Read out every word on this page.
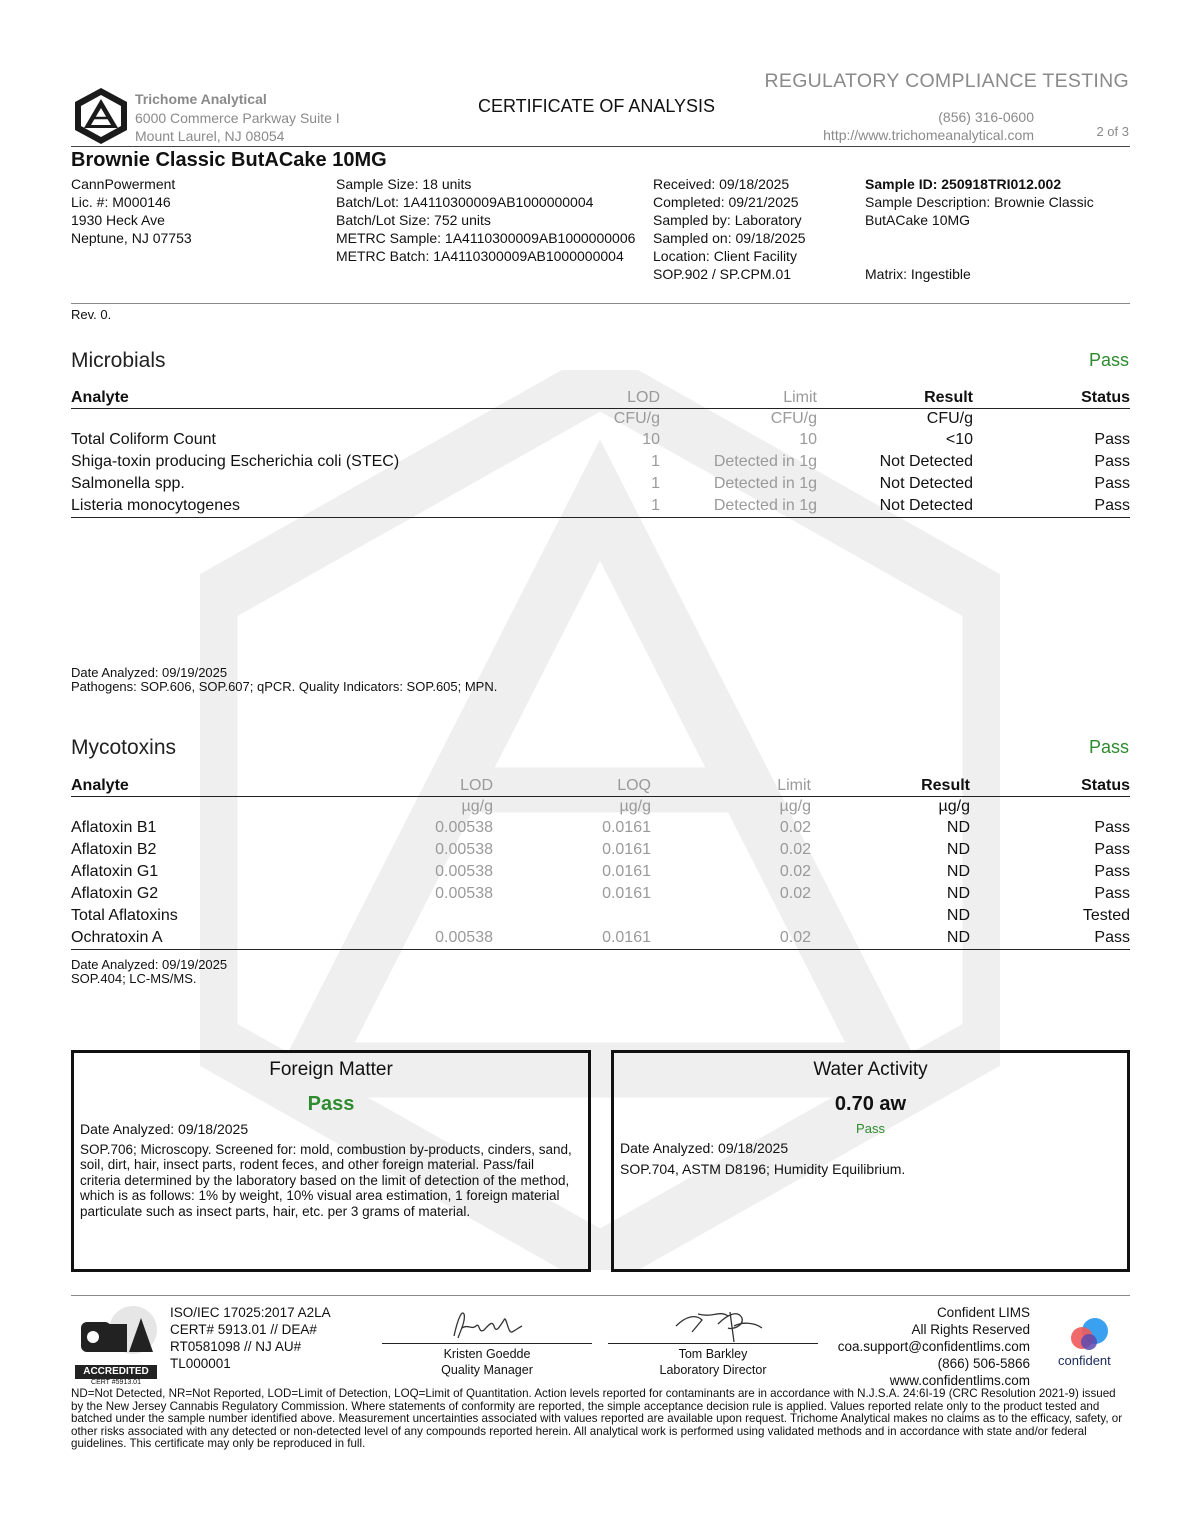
Trichome Analytical
6000 Commerce Parkway Suite I
Mount Laurel, NJ 08054
CERTIFICATE OF ANALYSIS
REGULATORY COMPLIANCE TESTING
(856) 316-0600
http://www.trichomeanalytical.com	2 of 3
Brownie Classic ButACake 10MG
CannPowerment
Lic. #: M000146
1930 Heck Ave
Neptune, NJ 07753
Sample Size: 18 units
Batch/Lot: 1A4110300009AB1000000004
Batch/Lot Size: 752 units
METRC Sample: 1A4110300009AB1000000006
METRC Batch: 1A4110300009AB1000000004
Received: 09/18/2025
Completed: 09/21/2025
Sampled by: Laboratory
Sampled on: 09/18/2025
Location: Client Facility
SOP.902 / SP.CPM.01
Sample ID: 250918TRI012.002
Sample Description: Brownie Classic
ButACake 10MG
Matrix: Ingestible
Rev. 0.
Microbials	Pass
Analyte	LOD	Limit	Result	Status
	CFU/g	CFU/g	CFU/g	
Total Coliform Count	10	10	<10	Pass
Shiga-toxin producing Escherichia coli (STEC)	1	Detected in 1g	Not Detected	Pass
Salmonella spp.	1	Detected in 1g	Not Detected	Pass
Listeria monocytogenes	1	Detected in 1g	Not Detected	Pass
Date Analyzed: 09/19/2025
Pathogens: SOP.606, SOP.607; qPCR. Quality Indicators: SOP.605; MPN.
Mycotoxins	Pass
Analyte	LOD	LOQ	Limit	Result	Status
	µg/g	µg/g	µg/g	µg/g	
Aflatoxin B1	0.00538	0.0161	0.02	ND	Pass
Aflatoxin B2	0.00538	0.0161	0.02	ND	Pass
Aflatoxin G1	0.00538	0.0161	0.02	ND	Pass
Aflatoxin G2	0.00538	0.0161	0.02	ND	Pass
Total Aflatoxins				ND	Tested
Ochratoxin A	0.00538	0.0161	0.02	ND	Pass
Date Analyzed: 09/19/2025
SOP.404; LC-MS/MS.
Foreign Matter
Pass
Date Analyzed: 09/18/2025
SOP.706; Microscopy. Screened for: mold, combustion by-products, cinders, sand, soil, dirt, hair, insect parts, rodent feces, and other foreign material. Pass/fail criteria determined by the laboratory based on the limit of detection of the method, which is as follows: 1% by weight, 10% visual area estimation, 1 foreign material particulate such as insect parts, hair, etc. per 3 grams of material.
Water Activity
0.70 aw
Pass
Date Analyzed: 09/18/2025
SOP.704, ASTM D8196; Humidity Equilibrium.
ACCREDITED
CERT #5913.01
ISO/IEC 17025:2017 A2LA
CERT# 5913.01 // DEA#
RT0581098 // NJ AU#
TL000001
Kristen Goedde
Quality Manager
Tom Barkley
Laboratory Director
Confident LIMS
All Rights Reserved
coa.support@confidentlims.com
(866) 506-5866
www.confidentlims.com
confident
ND=Not Detected, NR=Not Reported, LOD=Limit of Detection, LOQ=Limit of Quantitation. Action levels reported for contaminants are in accordance with N.J.S.A. 24:6I-19 (CRC Resolution 2021-9) issued by the New Jersey Cannabis Regulatory Commission. Where statements of conformity are reported, the simple acceptance decision rule is applied. Values reported relate only to the product tested and batched under the sample number identified above. Measurement uncertainties associated with values reported are available upon request. Trichome Analytical makes no claims as to the efficacy, safety, or other risks associated with any detected or non-detected level of any compounds reported herein. All analytical work is performed using validated methods and in accordance with state and/or federal guidelines. This certificate may only be reproduced in full.
